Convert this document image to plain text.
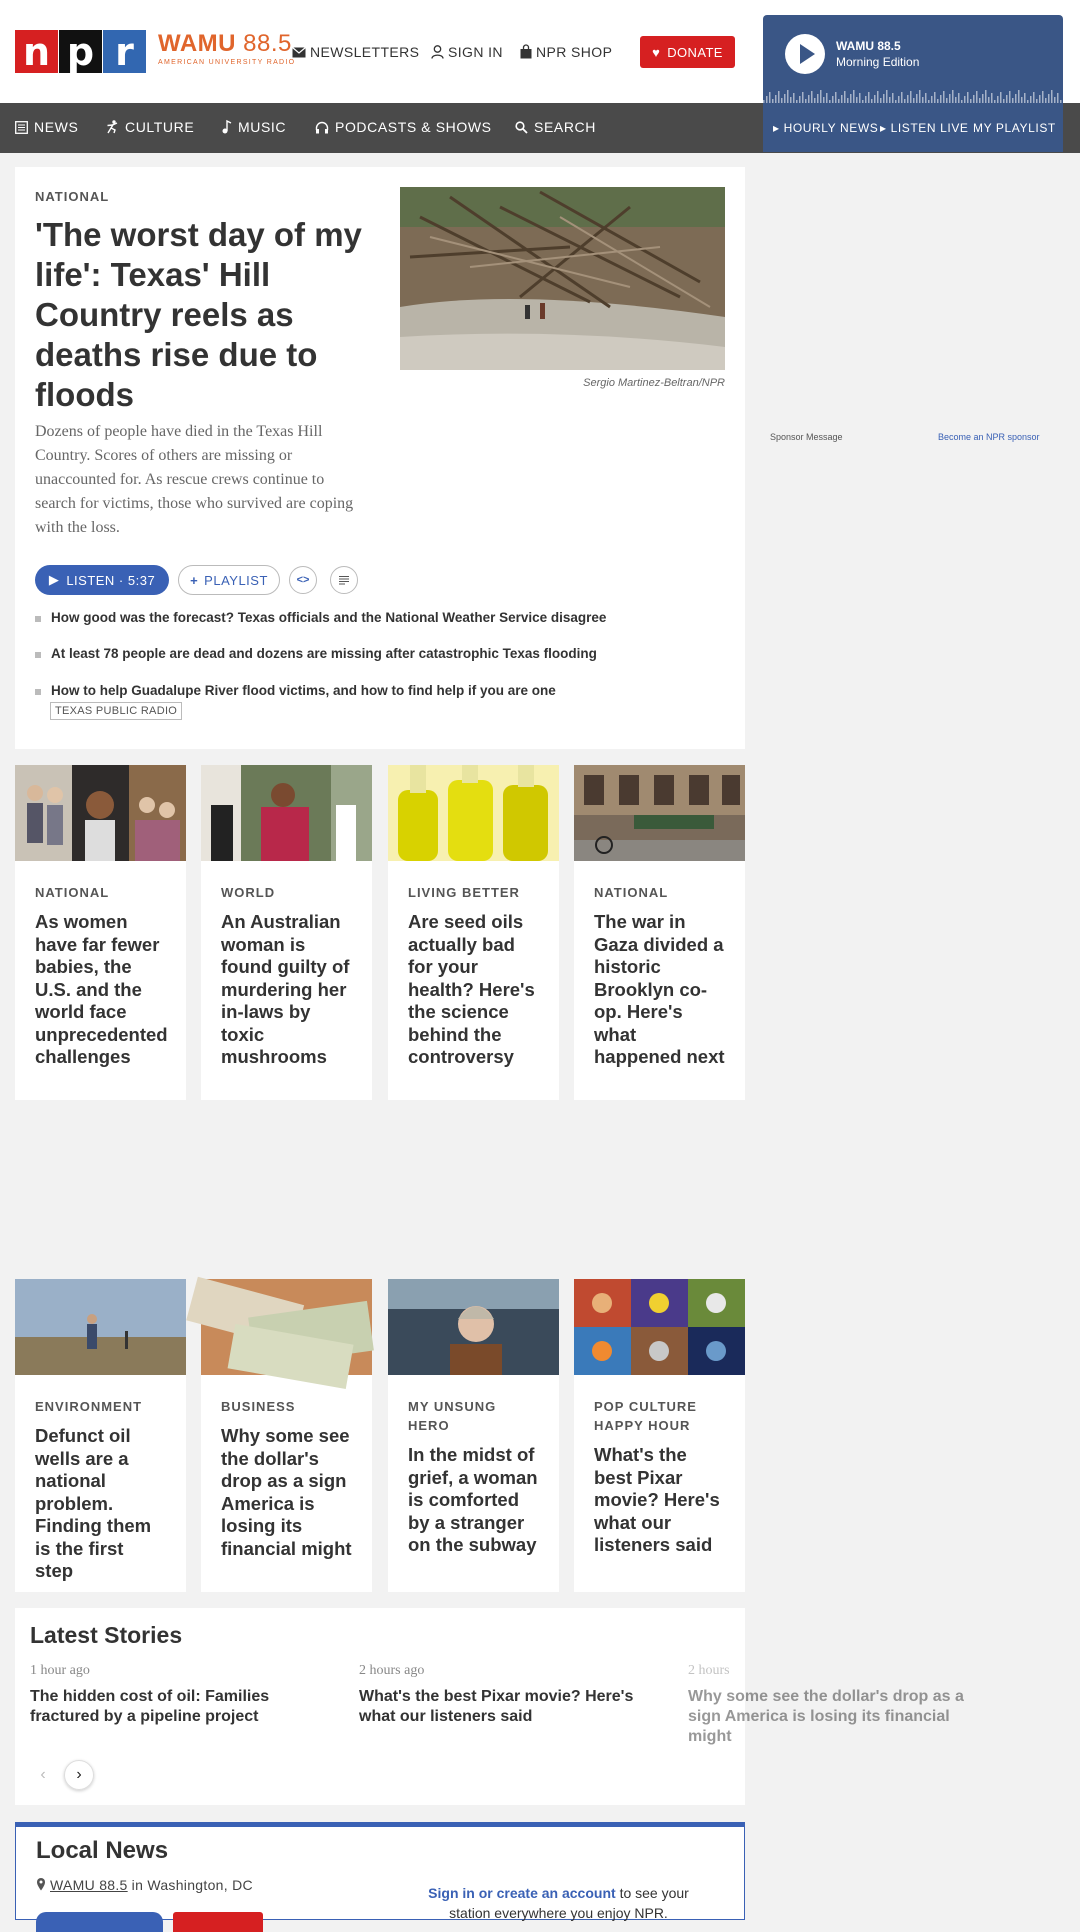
n p r	WAMU 88.5
AMERICAN UNIVERSITY RADIO
NEWSLETTERS SIGN IN NPR SHOP	♥ DONATE
NEWS	CULTURE	MUSIC	PODCASTS & SHOWS	SEARCH
WAMU 88.5
Morning Edition
▸ HOURLY NEWS ▸ LISTEN LIVE MY PLAYLIST
NATIONAL
'The worst day of my life': Texas' Hill Country reels as deaths rise due to floods
Dozens of people have died in the Texas Hill Country. Scores of others are missing or unaccounted for. As rescue crews continue to search for victims, those who survived are coping with the loss.
Sergio Martinez-Beltran/NPR
▶ LISTEN · 5:37	+ PLAYLIST	<>
How good was the forecast? Texas officials and the National Weather Service disagree
At least 78 people are dead and dozens are missing after catastrophic Texas flooding
How to help Guadalupe River flood victims, and how to find help if you are one
TEXAS PUBLIC RADIO
Sponsor Message	Become an NPR sponsor
NATIONAL
As women have far fewer babies, the U.S. and the world face unprecedented challenges
WORLD
An Australian woman is found guilty of murdering her in-laws by toxic mushrooms
LIVING BETTER
Are seed oils actually bad for your health? Here's the science behind the controversy
NATIONAL
The war in Gaza divided a historic Brooklyn co-op. Here's what happened next
ENVIRONMENT
Defunct oil wells are a national problem. Finding them is the first step
BUSINESS
Why some see the dollar's drop as a sign America is losing its financial might
MY UNSUNG HERO
In the midst of grief, a woman is comforted by a stranger on the subway
POP CULTURE HAPPY HOUR
What's the best Pixar movie? Here's what our listeners said
Latest Stories
1 hour ago
The hidden cost of oil: Families fractured by a pipeline project
2 hours ago
What's the best Pixar movie? Here's what our listeners said
2 hours
Why some see the dollar's drop as a sign America is losing its financial might
‹ ›
Local News
WAMU 88.5 in Washington, DC	Sign in or create an account to see your station everywhere you enjoy NPR.
